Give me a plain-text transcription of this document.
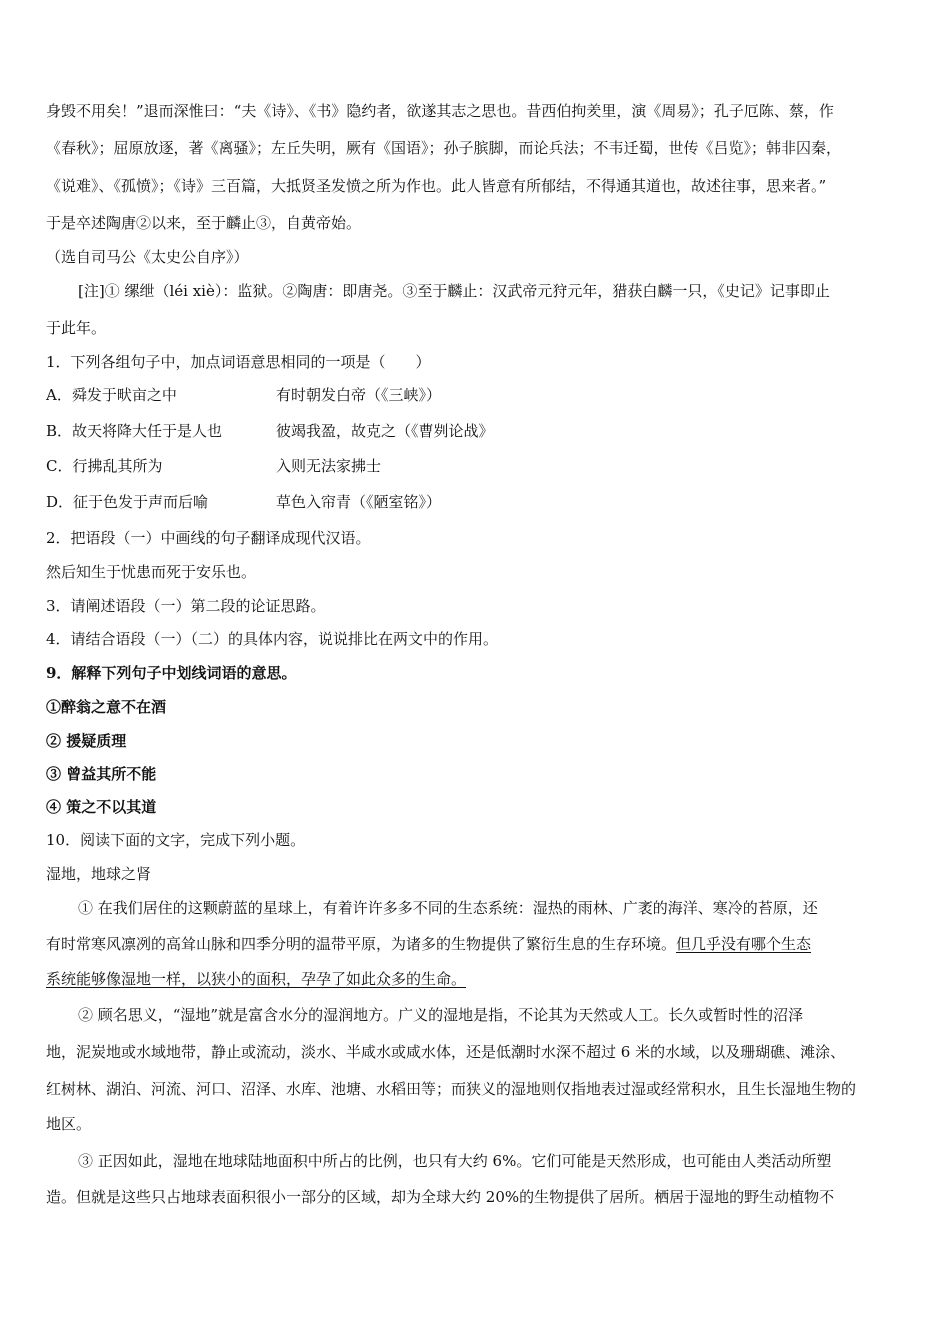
身毁不用矣！”退而深惟曰：“夫《诗》、《书》隐约者，欲遂其志之思也。昔西伯拘羑里，演《周易》；孔子厄陈、蔡，作
《春秋》；屈原放逐，著《离骚》；左丘失明，厥有《国语》；孙子膑脚，而论兵法；不韦迁蜀，世传《吕览》；韩非囚秦，
《说难》、《孤愤》；《诗》三百篇，大抵贤圣发愤之所为作也。此人皆意有所郁结，不得通其道也，故述往事，思来者。”
于是卒述陶唐②以来，至于麟止③，自黄帝始。
（选自司马公《太史公自序》）
[注]① 缧绁（léi xiè）：监狱。②陶唐：即唐尧。③至于麟止：汉武帝元狩元年，猎获白麟一只，《史记》记事即止
于此年。
1．下列各组句子中，加点词语意思相同的一项是（　　）
A．舜发于畎亩之中	有时朝发白帝（《三峡》）
B．故天将降大任于是人也	彼竭我盈，故克之（《曹刿论战》
C．行拂乱其所为	入则无法家拂士
D．征于色发于声而后喻	草色入帘青（《陋室铭》）
2．把语段（一）中画线的句子翻译成现代汉语。
然后知生于忧患而死于安乐也。
3．请阐述语段（一）第二段的论证思路。
4．请结合语段（一）（二）的具体内容，说说排比在两文中的作用。
9．解释下列句子中划线词语的意思。
①醉翁之意不在酒
② 援疑质理
③ 曾益其所不能
④ 策之不以其道
10．阅读下面的文字，完成下列小题。
湿地，地球之肾
① 在我们居住的这颗蔚蓝的星球上，有着许许多多不同的生态系统：湿热的雨林、广袤的海洋、寒冷的苔原，还
有时常寒风凛冽的高耸山脉和四季分明的温带平原，为诸多的生物提供了繁衍生息的生存环境。但几乎没有哪个生态
系统能够像湿地一样，以狭小的面积，孕孕了如此众多的生命。
② 顾名思义，“湿地”就是富含水分的湿润地方。广义的湿地是指，不论其为天然或人工。长久或暂时性的沼泽
地，泥炭地或水域地带，静止或流动，淡水、半咸水或咸水体，还是低潮时水深不超过 6 米的水域，以及珊瑚礁、滩涂、
红树林、湖泊、河流、河口、沼泽、水库、池塘、水稻田等；而狭义的湿地则仅指地表过湿或经常积水，且生长湿地生物的
地区。
③ 正因如此，湿地在地球陆地面积中所占的比例，也只有大约 6%。它们可能是天然形成，也可能由人类活动所塑
造。但就是这些只占地球表面积很小一部分的区域，却为全球大约 20%的生物提供了居所。栖居于湿地的野生动植物不
